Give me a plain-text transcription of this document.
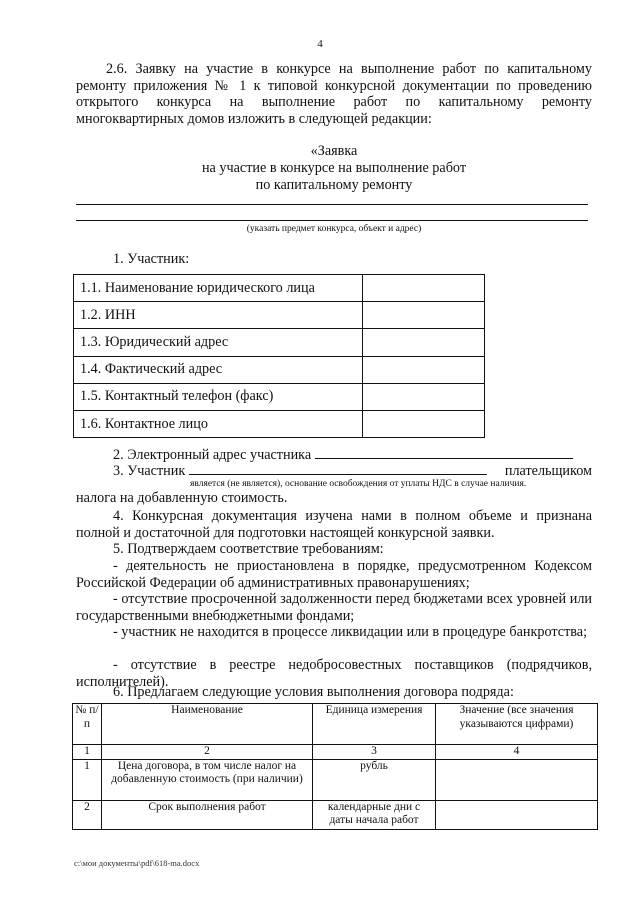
4
2.6. Заявку на участие в конкурсе на выполнение работ по капитальному ремонту приложения № 1 к типовой конкурсной документации по проведению открытого конкурса на выполнение работ по капитальному ремонту многоквартирных домов изложить в следующей редакции:
«Заявка
на участие в конкурсе на выполнение работ
по капитальному ремонту
(указать предмет конкурса, объект и адрес)
1. Участник:
1.1. Наименование юридического лица	
1.2. ИНН	
1.3. Юридический адрес	
1.4. Фактический адрес	
1.5. Контактный телефон (факс)	
1.6. Контактное лицо	
2. Электронный адрес участника
3. Участник	плательщиком
является (не является), основание освобождения от уплаты НДС в случае наличия.
налога на добавленную стоимость.
4. Конкурсная документация изучена нами в полном объеме и признана полной и достаточной для подготовки настоящей конкурсной заявки.
5. Подтверждаем соответствие требованиям:
- деятельность не приостановлена в порядке, предусмотренном Кодексом Российской Федерации об административных правонарушениях;
- отсутствие просроченной задолженности перед бюджетами всех уровней или государственными внебюджетными фондами;
- участник не находится в процессе ликвидации или в процедуре банкротства;
- отсутствие в реестре недобросовестных поставщиков (подрядчиков, исполнителей).
6. Предлагаем следующие условия выполнения договора подряда:
№ п/п	Наименование	Единица измерения	Значение (все значения указываются цифрами)
1	2	3	4
1	Цена договора, в том числе налог на добавленную стоимость (при наличии)	рубль	
2	Срок выполнения работ	календарные дни с даты начала работ	
c:\мои документы\pdf\618-ma.docx
